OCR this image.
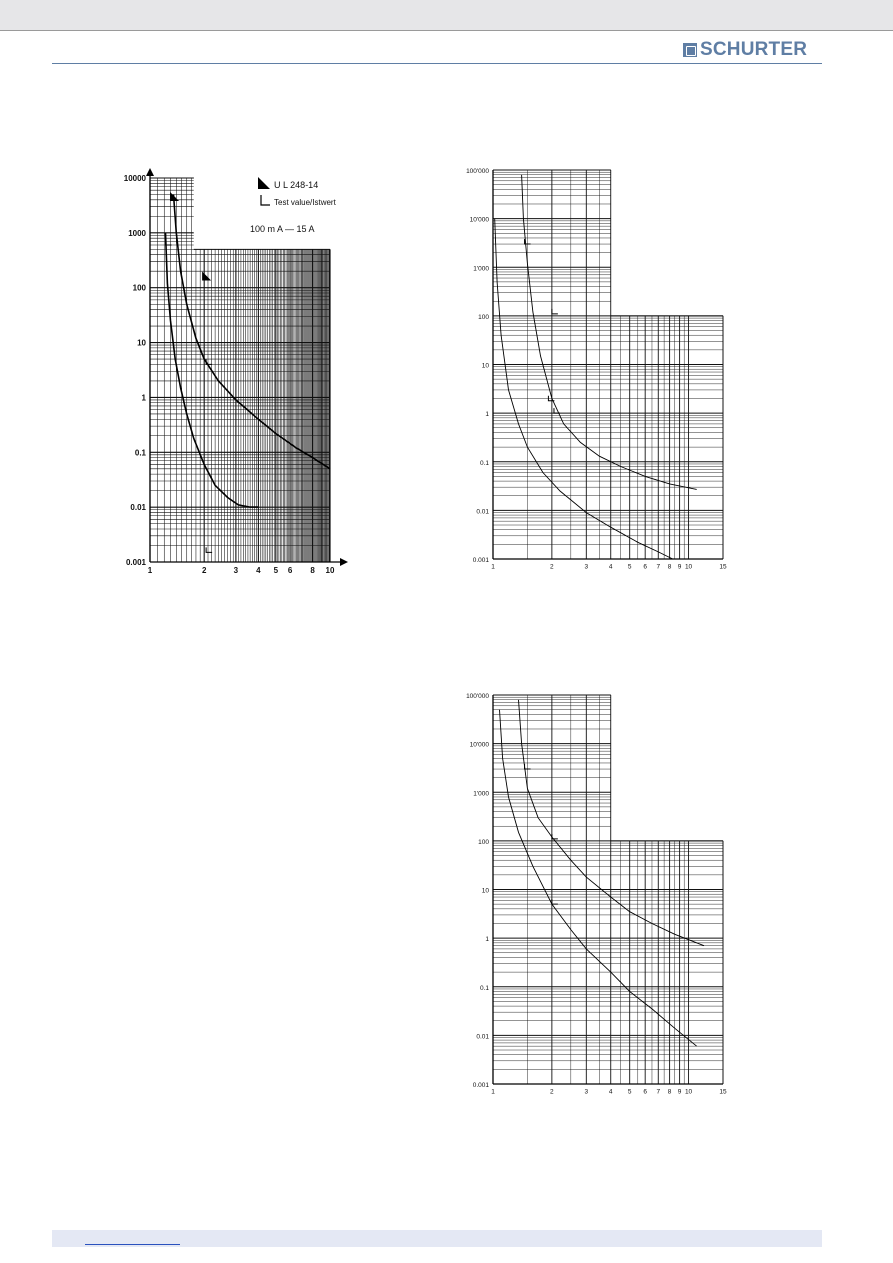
SCHURTER
10000
1000
100
10
1
0.1
0.01
0.001
1	2	3 4 5 6 8 10
U L 248-14
Test value/Istwert
100 m A — 15 A
100'000
10'000
1'000
100
10
1
0.1
0.01
0.001
1	2	3	4 5 6 7 8 9 10	15
100'000
10'000
1'000
100
10
1
0.1
0.01
0.001
1	2	3	4 5 6 7 8 9 10	15
